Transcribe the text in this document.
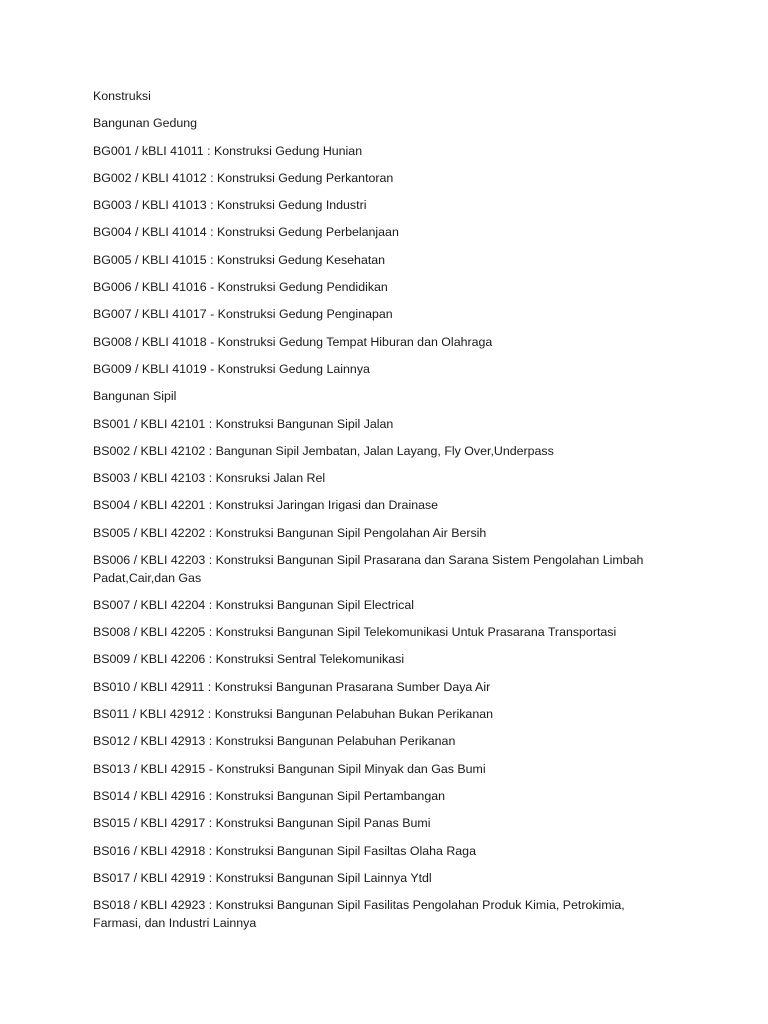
Konstruksi

Bangunan Gedung

BG001 / kBLI 41011 : Konstruksi Gedung Hunian

BG002 / KBLI 41012 : Konstruksi Gedung Perkantoran

BG003 / KBLI 41013 : Konstruksi Gedung Industri

BG004 / KBLI 41014 : Konstruksi Gedung Perbelanjaan

BG005 / KBLI 41015 : Konstruksi Gedung Kesehatan

BG006 / KBLI 41016 - Konstruksi Gedung Pendidikan

BG007 / KBLI 41017 - Konstruksi Gedung Penginapan

BG008 / KBLI 41018 - Konstruksi Gedung Tempat Hiburan dan Olahraga

BG009 / KBLI 41019 - Konstruksi Gedung Lainnya

Bangunan Sipil

BS001 / KBLI 42101 : Konstruksi Bangunan Sipil Jalan

BS002 / KBLI 42102 : Bangunan Sipil Jembatan, Jalan Layang, Fly Over,Underpass

BS003 / KBLI 42103 : Konsruksi Jalan Rel

BS004 / KBLI 42201 : Konstruksi Jaringan Irigasi dan Drainase

BS005 / KBLI 42202 : Konstruksi Bangunan Sipil Pengolahan Air Bersih

BS006 / KBLI 42203 : Konstruksi Bangunan Sipil Prasarana dan Sarana Sistem Pengolahan Limbah Padat,Cair,dan Gas

BS007 / KBLI 42204 : Konstruksi Bangunan Sipil Electrical

BS008 / KBLI 42205 : Konstruksi Bangunan Sipil Telekomunikasi Untuk Prasarana Transportasi

BS009 / KBLI 42206 : Konstruksi Sentral Telekomunikasi

BS010 / KBLI 42911 : Konstruksi Bangunan Prasarana Sumber Daya Air

BS011 / KBLI 42912 : Konstruksi Bangunan Pelabuhan Bukan Perikanan

BS012 / KBLI 42913 : Konstruksi Bangunan Pelabuhan Perikanan

BS013 / KBLI 42915 - Konstruksi Bangunan Sipil Minyak dan Gas Bumi

BS014 / KBLI 42916 : Konstruksi Bangunan Sipil Pertambangan

BS015 / KBLI 42917 : Konstruksi Bangunan Sipil Panas Bumi

BS016 / KBLI 42918 : Konstruksi Bangunan Sipil Fasiltas Olaha Raga

BS017 / KBLI 42919 : Konstruksi Bangunan Sipil Lainnya Ytdl

BS018 / KBLI 42923 : Konstruksi Bangunan Sipil Fasilitas Pengolahan Produk Kimia, Petrokimia, Farmasi, dan Industri Lainnya
